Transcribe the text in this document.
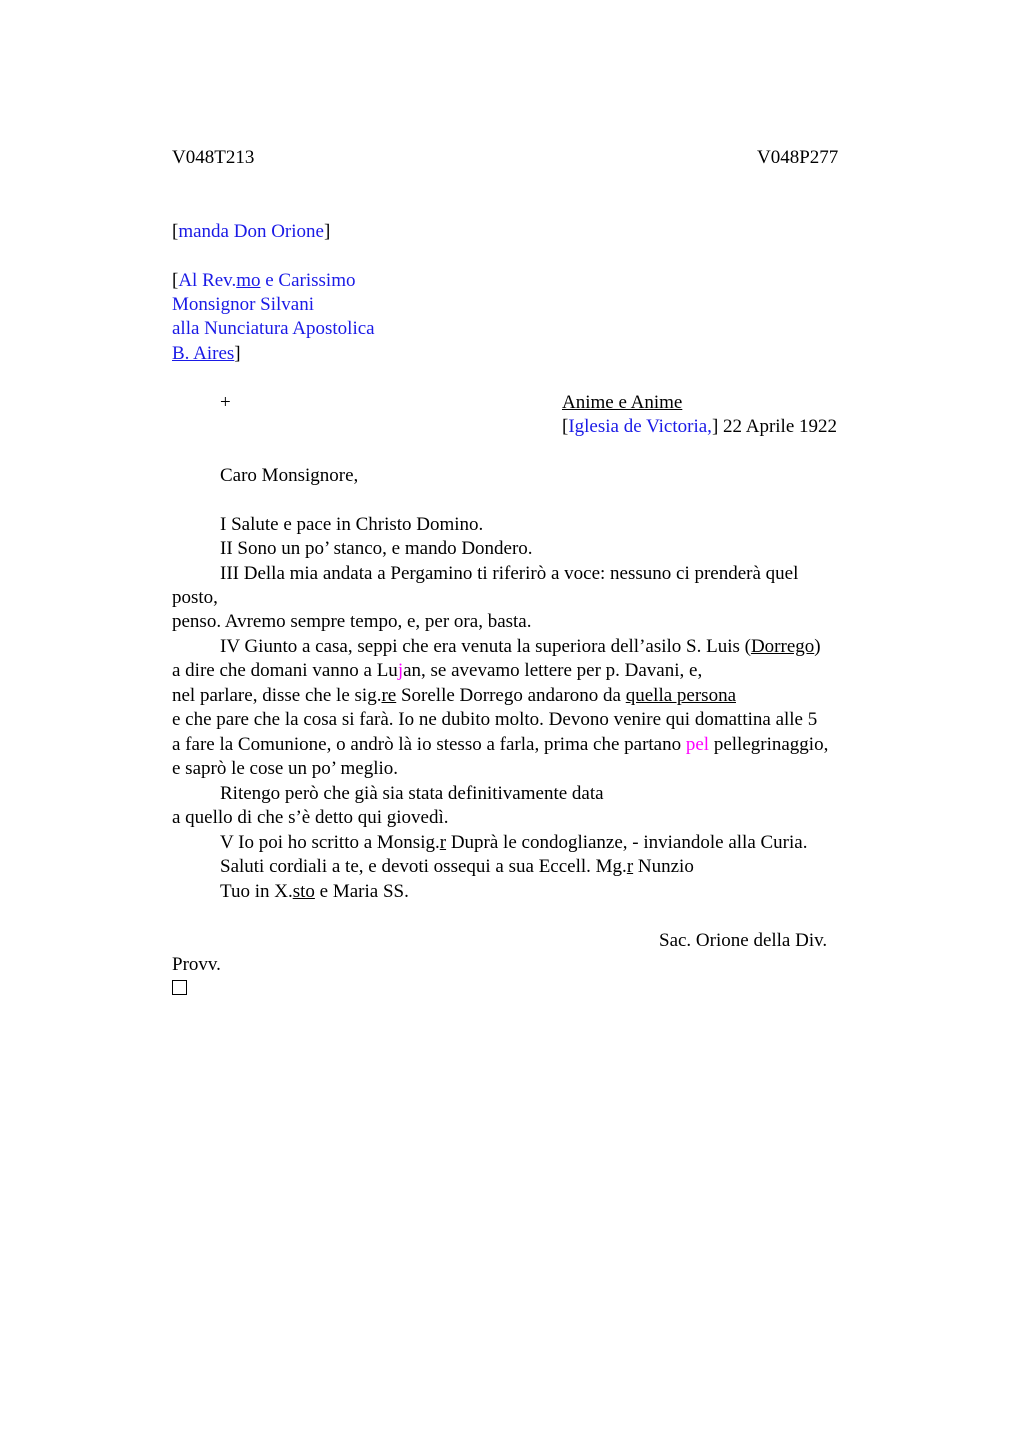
V048T213	V048P277
[manda Don Orione]
[Al Rev.mo e Carissimo
Monsignor Silvani
alla Nunciatura Apostolica
B. Aires]
+	Anime e Anime
[Iglesia de Victoria,] 22 Aprile 1922
Caro Monsignore,
I Salute e pace in Christo Domino.
II Sono un po’ stanco, e mando Dondero.
III Della mia andata a Pergamino ti riferirò a voce: nessuno ci prenderà quel
posto,
penso. Avremo sempre tempo, e, per ora, basta.
IV Giunto a casa, seppi che era venuta la superiora dell’asilo S. Luis (Dorrego)
a dire che domani vanno a Lujan, se avevamo lettere per p. Davani, e,
nel parlare, disse che le sig.re Sorelle Dorrego andarono da quella persona
e che pare che la cosa si farà. Io ne dubito molto. Devono venire qui domattina alle 5
a fare la Comunione, o andrò là io stesso a farla, prima che partano pel pellegrinaggio,
e saprò le cose un po’ meglio.
Ritengo però che già sia stata definitivamente data
a quello di che s’è detto qui giovedì.
V Io poi ho scritto a Monsig.r Duprà le condoglianze, - inviandole alla Curia.
Saluti cordiali a te, e devoti ossequi a sua Eccell. Mg.r Nunzio
Tuo in X.sto e Maria SS.
Sac. Orione della Div.
Provv.
